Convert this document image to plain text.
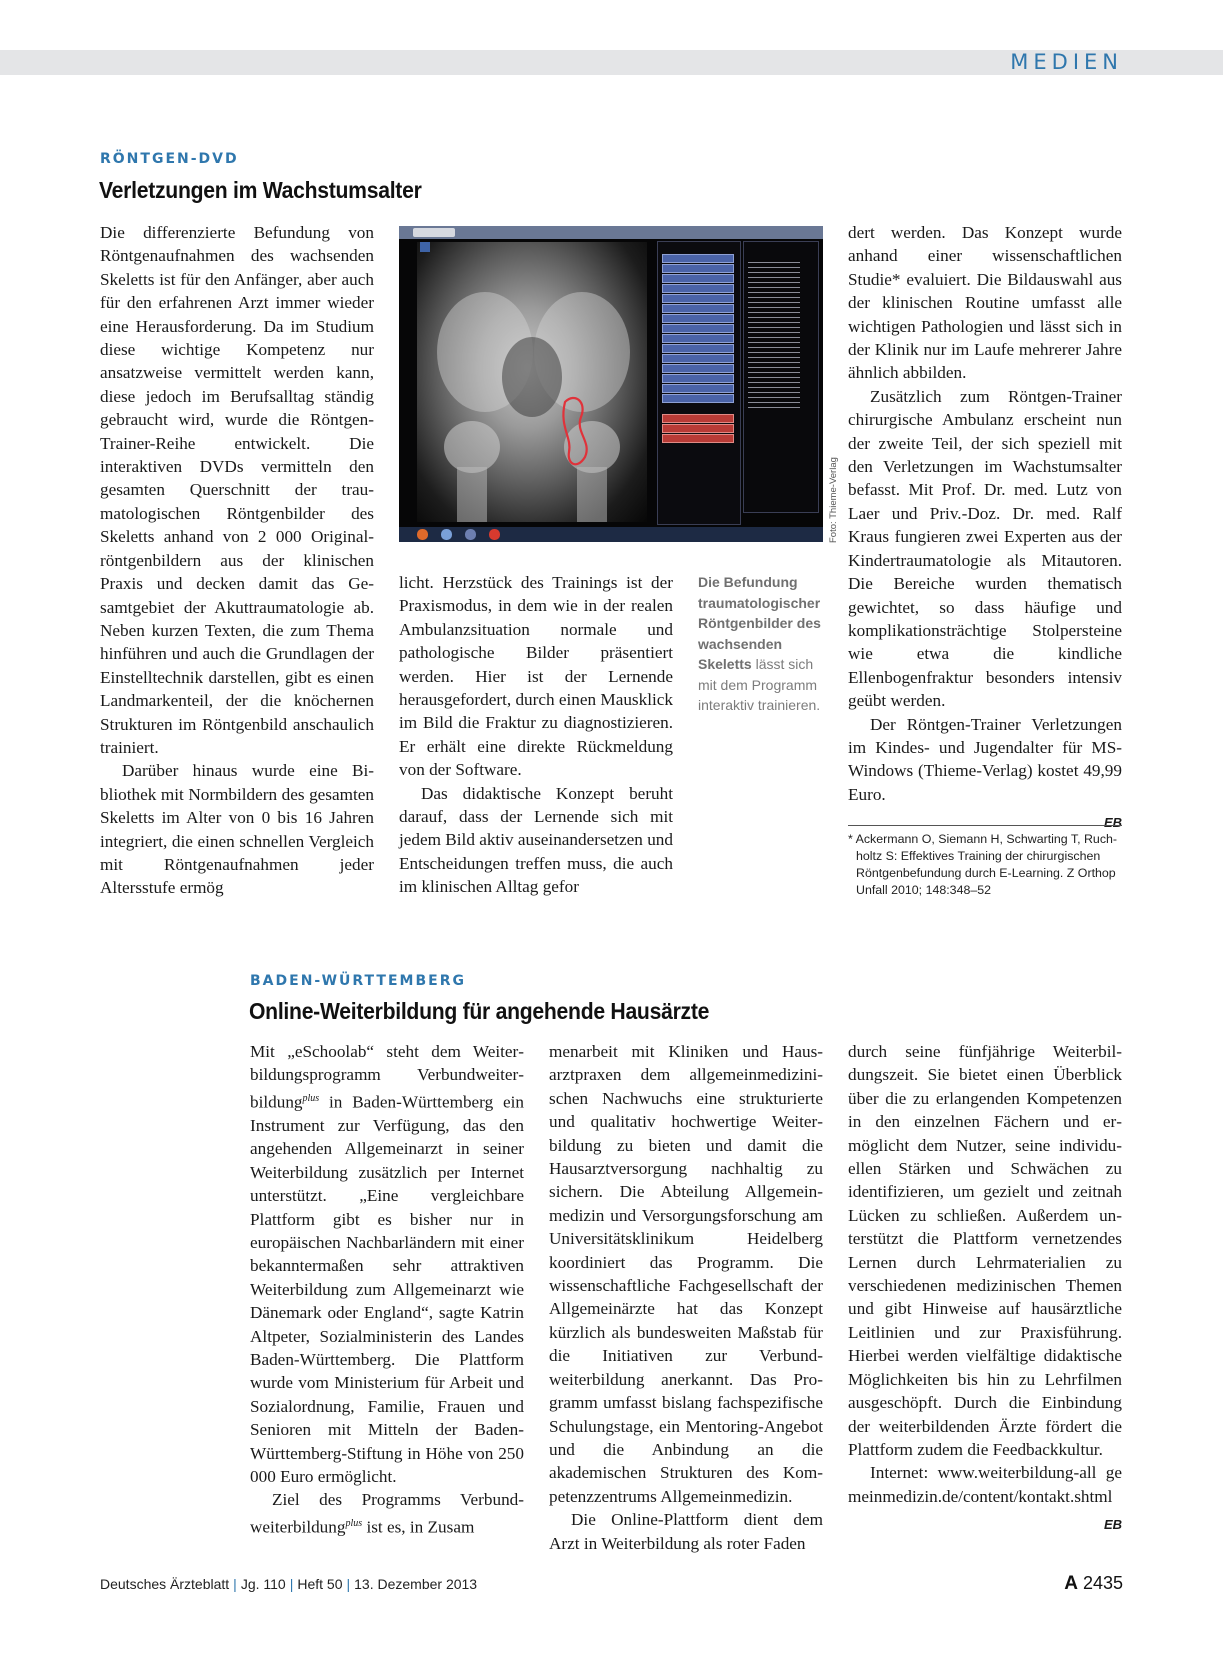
MEDIEN
RÖNTGEN-DVD
Verletzungen im Wachstumsalter

Die differenzierte Befundung von Röntgenaufnahmen des wachsenden Skeletts ist für den Anfänger, aber auch für den erfahrenen Arzt immer wieder eine Herausforderung. Da im Studium diese wichtige Kompetenz nur ansatzweise vermittelt werden kann, diese jedoch im Berufsalltag ständig gebraucht wird, wurde die Röntgen-Trainer-Reihe entwickelt. Die interaktiven DVDs vermitteln den gesamten Querschnitt der traumatologischen Röntgenbilder des Skeletts anhand von 2 000 Originalröntgenbildern aus der klinischen Praxis und decken damit das Gesamtgebiet der Akuttraumatologie ab. Neben kurzen Texten, die zum Thema hinführen und auch die Grundlagen der Einstelltechnik darstellen, gibt es einen Landmarkenteil, der die knöchernen Strukturen im Röntgenbild anschaulich trainiert.

Darüber hinaus wurde eine Bibliothek mit Normbildern des gesamten Skeletts im Alter von 0 bis 16 Jahren integriert, die einen schnellen Vergleich mit Röntgenaufnahmen jeder Altersstufe ermög

Foto: Thieme-Verlag

licht. Herzstück des Trainings ist der Praxismodus, in dem wie in der realen Ambulanzsituation normale und pathologische Bilder präsentiert werden. Hier ist der Lernende herausgefordert, durch einen Mausklick im Bild die Fraktur zu diagnostizieren. Er erhält eine direkte Rückmeldung von der Software.

Das didaktische Konzept beruht darauf, dass der Lernende sich mit jedem Bild aktiv auseinandersetzen und Entscheidungen treffen muss, die auch im klinischen Alltag gefor

Die Befundung traumatologischer Röntgenbilder des wachsenden Skeletts lässt sich mit dem Programm interaktiv trainieren.

dert werden. Das Konzept wurde anhand einer wissenschaftlichen Studie* evaluiert. Die Bildauswahl aus der klinischen Routine umfasst alle wichtigen Pathologien und lässt sich in der Klinik nur im Laufe mehrerer Jahre ähnlich abbilden.

Zusätzlich zum Röntgen-Trainer chirurgische Ambulanz erscheint nun der zweite Teil, der sich speziell mit den Verletzungen im Wachstumsalter befasst. Mit Prof. Dr. med. Lutz von Laer und Priv.-Doz. Dr. med. Ralf Kraus fungieren zwei Experten aus der Kindertraumatologie als Mitautoren. Die Bereiche wurden thematisch gewichtet, so dass häufige und komplikationsträchtige Stolpersteine wie etwa die kindliche Ellenbogenfraktur besonders intensiv geübt werden.

Der Röntgen-Trainer Verletzungen im Kindes- und Jugendalter für MS-Windows (Thieme-Verlag) kostet 49,99 Euro.

EB
* Ackermann O, Siemann H, Schwarting T, Ruchholtz S: Effektives Training der chirurgischen Röntgenbefundung durch E-Learning. Z Orthop Unfall 2010; 148:348–52
BADEN-WÜRTTEMBERG
Online-Weiterbildung für angehende Hausärzte

Mit „eSchoolab“ steht dem Weiterbildungsprogramm Verbundweiterbildung$^{plus}$ in Baden-Württemberg ein Instrument zur Verfügung, das den angehenden Allgemeinarzt in seiner Weiterbildung zusätzlich per Internet unterstützt. „Eine vergleichbare Plattform gibt es bisher nur in europäischen Nachbarländern mit einer bekanntermaßen sehr attraktiven Weiterbildung zum Allgemeinarzt wie Dänemark oder England“, sagte Katrin Altpeter, Sozialministerin des Landes Baden-Württemberg. Die Plattform wurde vom Ministerium für Arbeit und Sozialordnung, Familie, Frauen und Senioren mit Mitteln der Baden-Württemberg-Stiftung in Höhe von 250 000 Euro ermöglicht.

Ziel des Programms Verbundweiterbildung$^{plus}$ ist es, in Zusam

menarbeit mit Kliniken und Hausarztpraxen dem allgemeinmedizinischen Nachwuchs eine strukturierte und qualitativ hochwertige Weiterbildung zu bieten und damit die Hausarztversorgung nachhaltig zu sichern. Die Abteilung Allgemeinmedizin und Versorgungsforschung am Universitätsklinikum Heidelberg koordiniert das Programm. Die wissenschaftliche Fachgesellschaft der Allgemeinärzte hat das Konzept kürzlich als bundesweiten Maßstab für die Initiativen zur Verbundweiterbildung anerkannt. Das Programm umfasst bislang fachspezifische Schulungstage, ein Mentoring-Angebot und die Anbindung an die akademischen Strukturen des Kompetenzzentrums Allgemeinmedizin.

Die Online-Plattform dient dem Arzt in Weiterbildung als roter Faden

durch seine fünfjährige Weiterbildungszeit. Sie bietet einen Überblick über die zu erlangenden Kompetenzen in den einzelnen Fächern und ermöglicht dem Nutzer, seine individuellen Stärken und Schwächen zu identifizieren, um gezielt und zeitnah Lücken zu schließen. Außerdem unterstützt die Plattform vernetzendes Lernen durch Lehrmaterialien zu verschiedenen medizinischen Themen und gibt Hinweise auf hausärztliche Leitlinien und zur Praxisführung. Hierbei werden vielfältige didaktische Möglichkeiten bis hin zu Lehrfilmen ausgeschöpft. Durch die Einbindung der weiterbildenden Ärzte fördert die Plattform zudem die Feedbackkultur.

Internet: www.weiterbildung-all gemeinmedizin.de/content/kontakt.shtml

EB
Deutsches Ärzteblatt | Jg. 110 | Heft 50 | 13. Dezember 2013	A 2435
